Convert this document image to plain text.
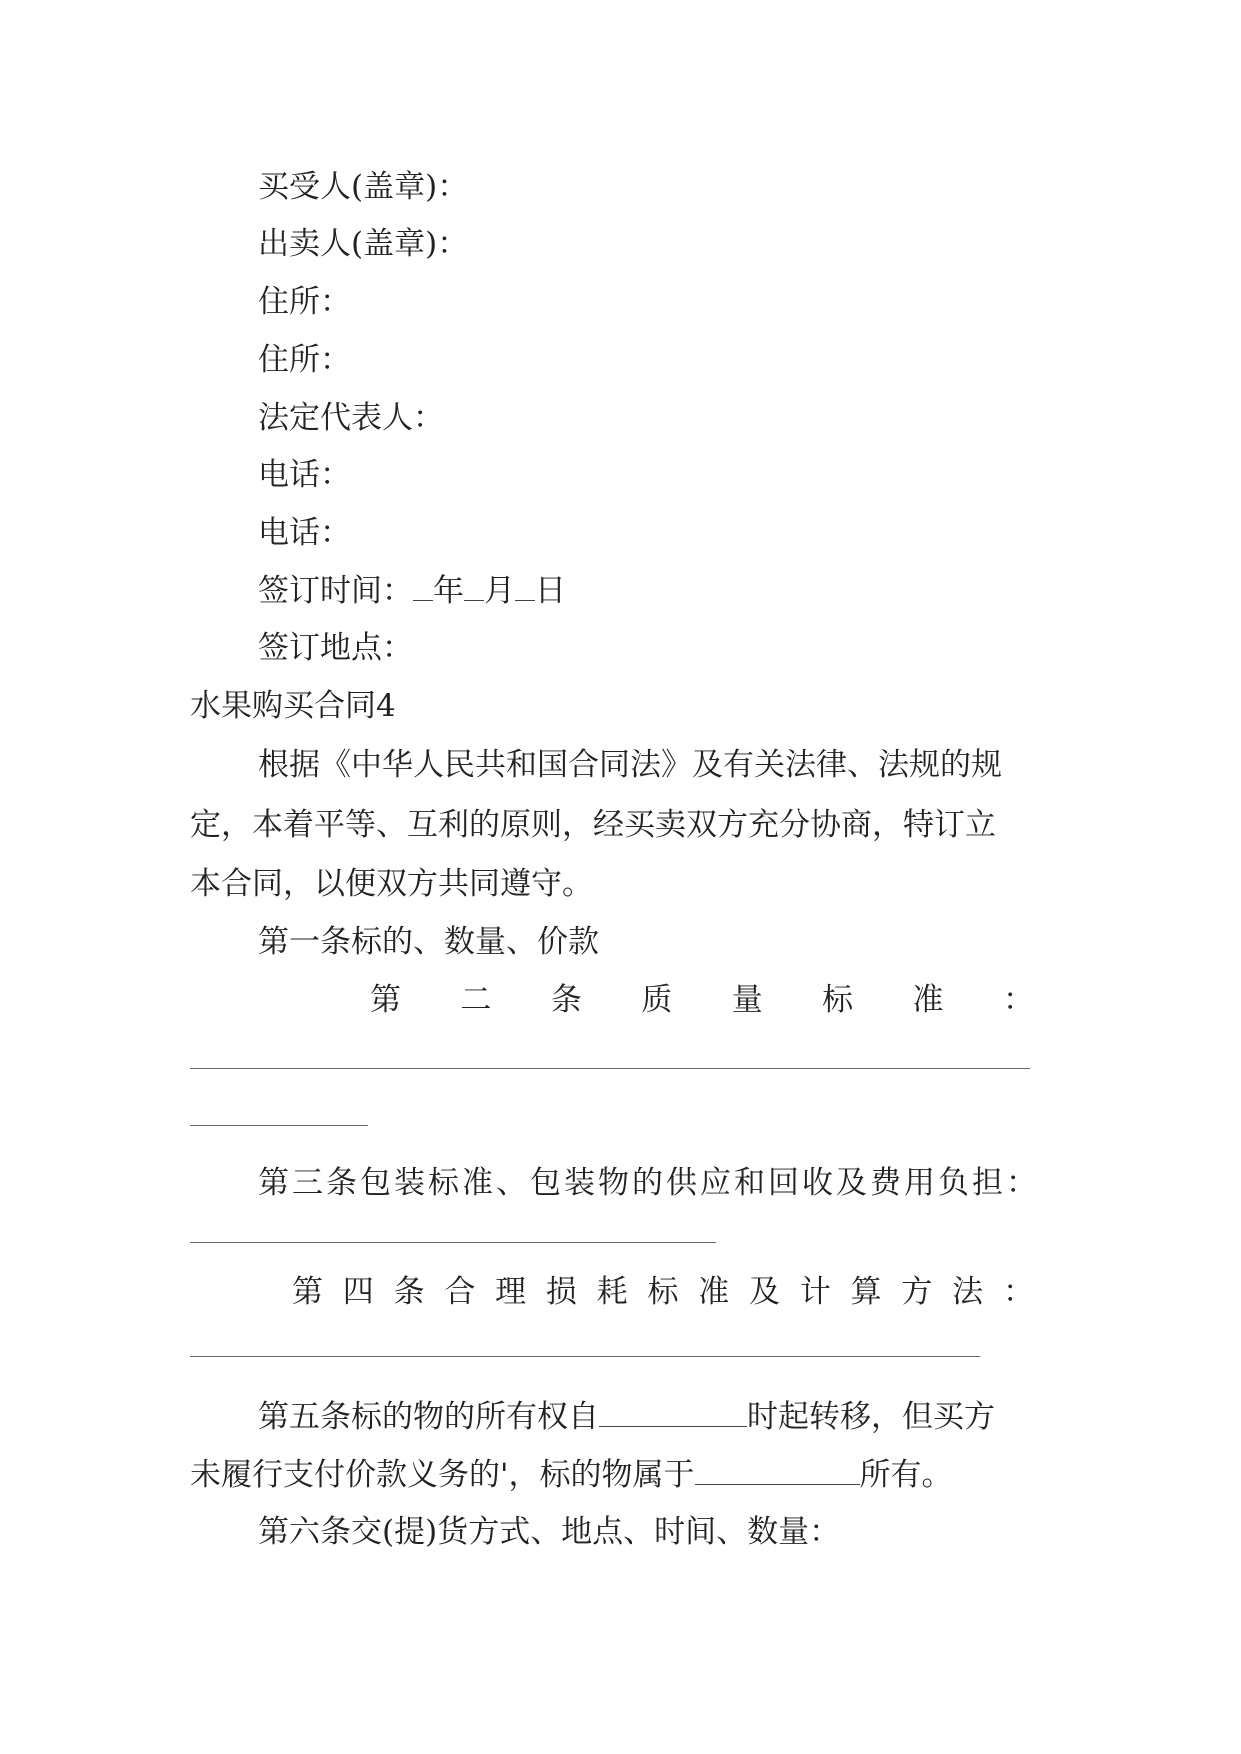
买受人(盖章)：
出卖人(盖章)：
住所：
住所：
法定代表人：
电话：
电话：
签订时间： 年 月 日
签订地点：
水果购买合同4
根据《中华人民共和国合同法》及有关法律、法规的规
定，本着平等、互利的原则，经买卖双方充分协商，特订立
本合同，以便双方共同遵守。
第一条标的、数量、价款
第 二 条 质 量 标 准 ：
第三条包装标准、包装物的供应和回收及费用负担：
第 四 条 合 理 损 耗 标 准 及 计 算 方 法 ：
第五条标的物的所有权自	时起转移，但买方
未履行支付价款义务的'，标的物属于	所有。
第六条交(提)货方式、地点、时间、数量：
